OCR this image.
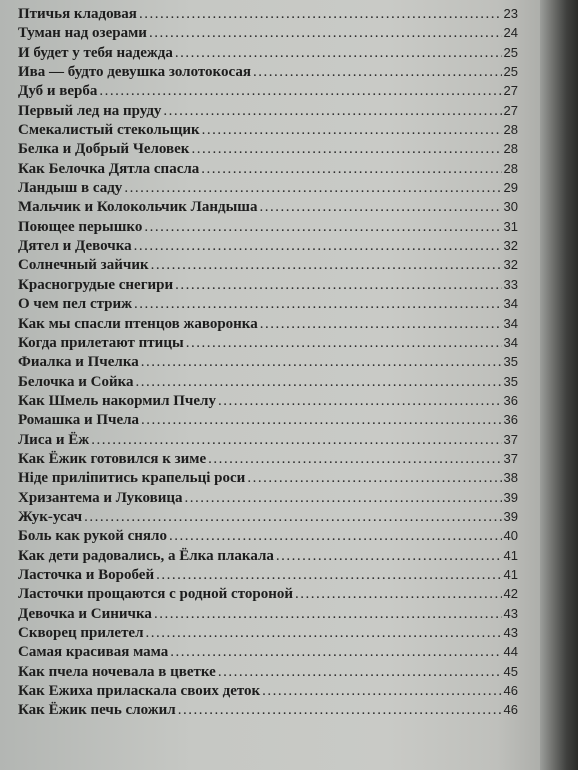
Птичья кладовая .....	23
Туман над озерами .....	24
И будет у тебя надежда .....	25
Ива — будто девушка золотокосая .....	25
Дуб и верба .....	27
Первый лед на пруду .....	27
Смекалистый стекольщик .....	28
Белка и Добрый Человек .....	28
Как Белочка Дятла спасла .....	28
Ландыш в саду .....	29
Мальчик и Колокольчик Ландыша .....	30
Поющее перышко .....	31
Дятел и Девочка .....	32
Солнечный зайчик .....	32
Красногрудые снегири .....	33
О чем пел стриж .....	34
Как мы спасли птенцов жаворонка .....	34
Когда прилетают птицы .....	34
Фиалка и Пчелка .....	35
Белочка и Сойка .....	35
Как Шмель накормил Пчелу .....	36
Ромашка и Пчела .....	36
Лиса и Ёж .....	37
Как Ёжик готовился к зиме .....	37
Ніде прилiпитись крапельцi роси .....	38
Хризантема и Луковица .....	39
Жук-усач .....	39
Боль как рукой сняло .....	40
Как дети радовались, а Ёлка плакала .....	41
Ласточка и Воробей .....	41
Ласточки прощаются с родной стороной .....	42
Девочка и Синичка .....	43
Скворец прилетел .....	43
Самая красивая мама .....	44
Как пчела ночевала в цветке .....	45
Как Ежиха приласкала своих деток .....	46
Как Ёжик печь сложил .....	46
